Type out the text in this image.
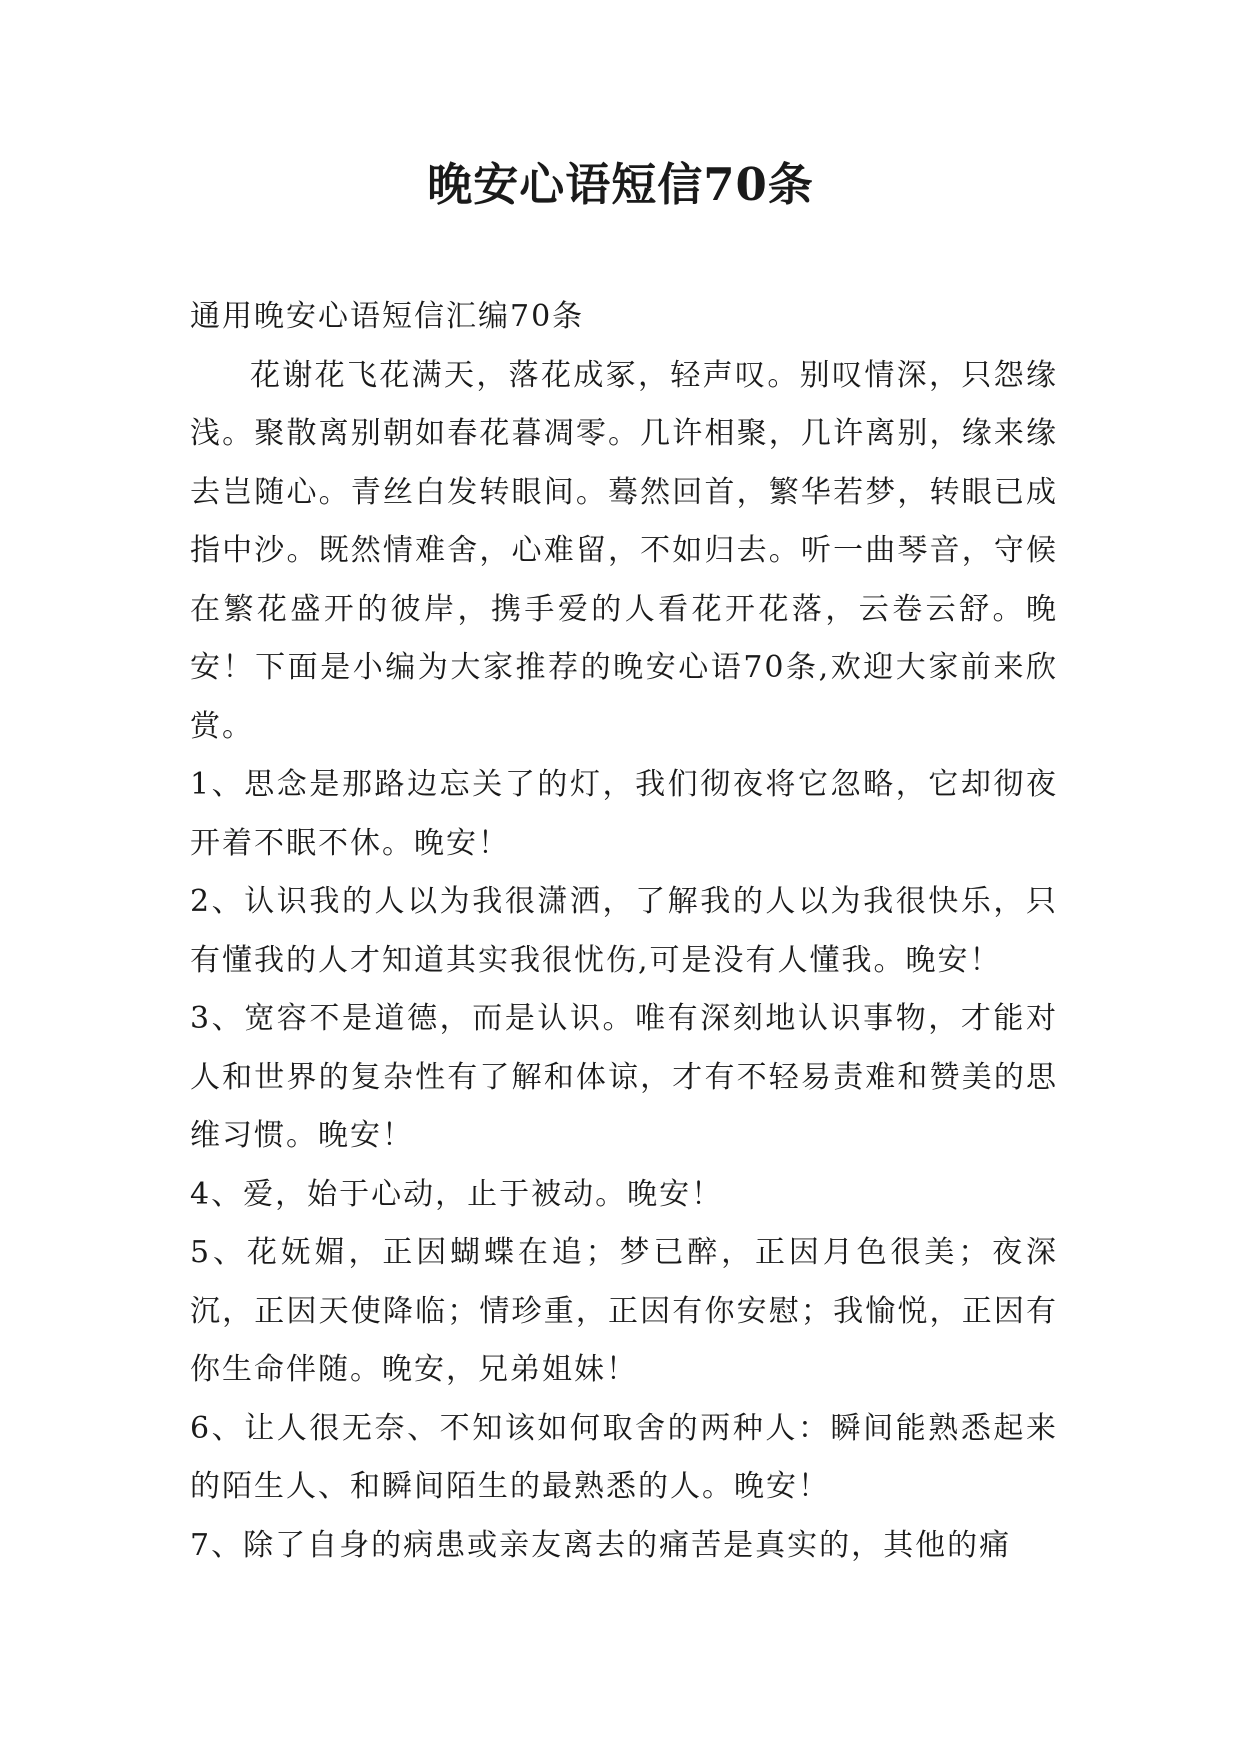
晚安心语短信70条

通用晚安心语短信汇编70条

花谢花飞花满天，落花成冢，轻声叹。别叹情深，只怨缘浅。聚散离别朝如春花暮凋零。几许相聚，几许离别，缘来缘去岂随心。青丝白发转眼间。蓦然回首，繁华若梦，转眼已成指中沙。既然情难舍，心难留，不如归去。听一曲琴音，守候在繁花盛开的彼岸，携手爱的人看花开花落，云卷云舒。晚安！下面是小编为大家推荐的晚安心语70条,欢迎大家前来欣赏。

1、思念是那路边忘关了的灯，我们彻夜将它忽略，它却彻夜开着不眠不休。晚安！

2、认识我的人以为我很潇洒，了解我的人以为我很快乐，只有懂我的人才知道其实我很忧伤,可是没有人懂我。晚安！

3、宽容不是道德，而是认识。唯有深刻地认识事物，才能对人和世界的复杂性有了解和体谅，才有不轻易责难和赞美的思维习惯。晚安！

4、爱，始于心动，止于被动。晚安！

5、花妩媚，正因蝴蝶在追；梦已醉，正因月色很美；夜深沉，正因天使降临；情珍重，正因有你安慰；我愉悦，正因有你生命伴随。晚安，兄弟姐妹！

6、让人很无奈、不知该如何取舍的两种人：瞬间能熟悉起来的陌生人、和瞬间陌生的最熟悉的人。晚安！

7、除了自身的病患或亲友离去的痛苦是真实的，其他的痛
